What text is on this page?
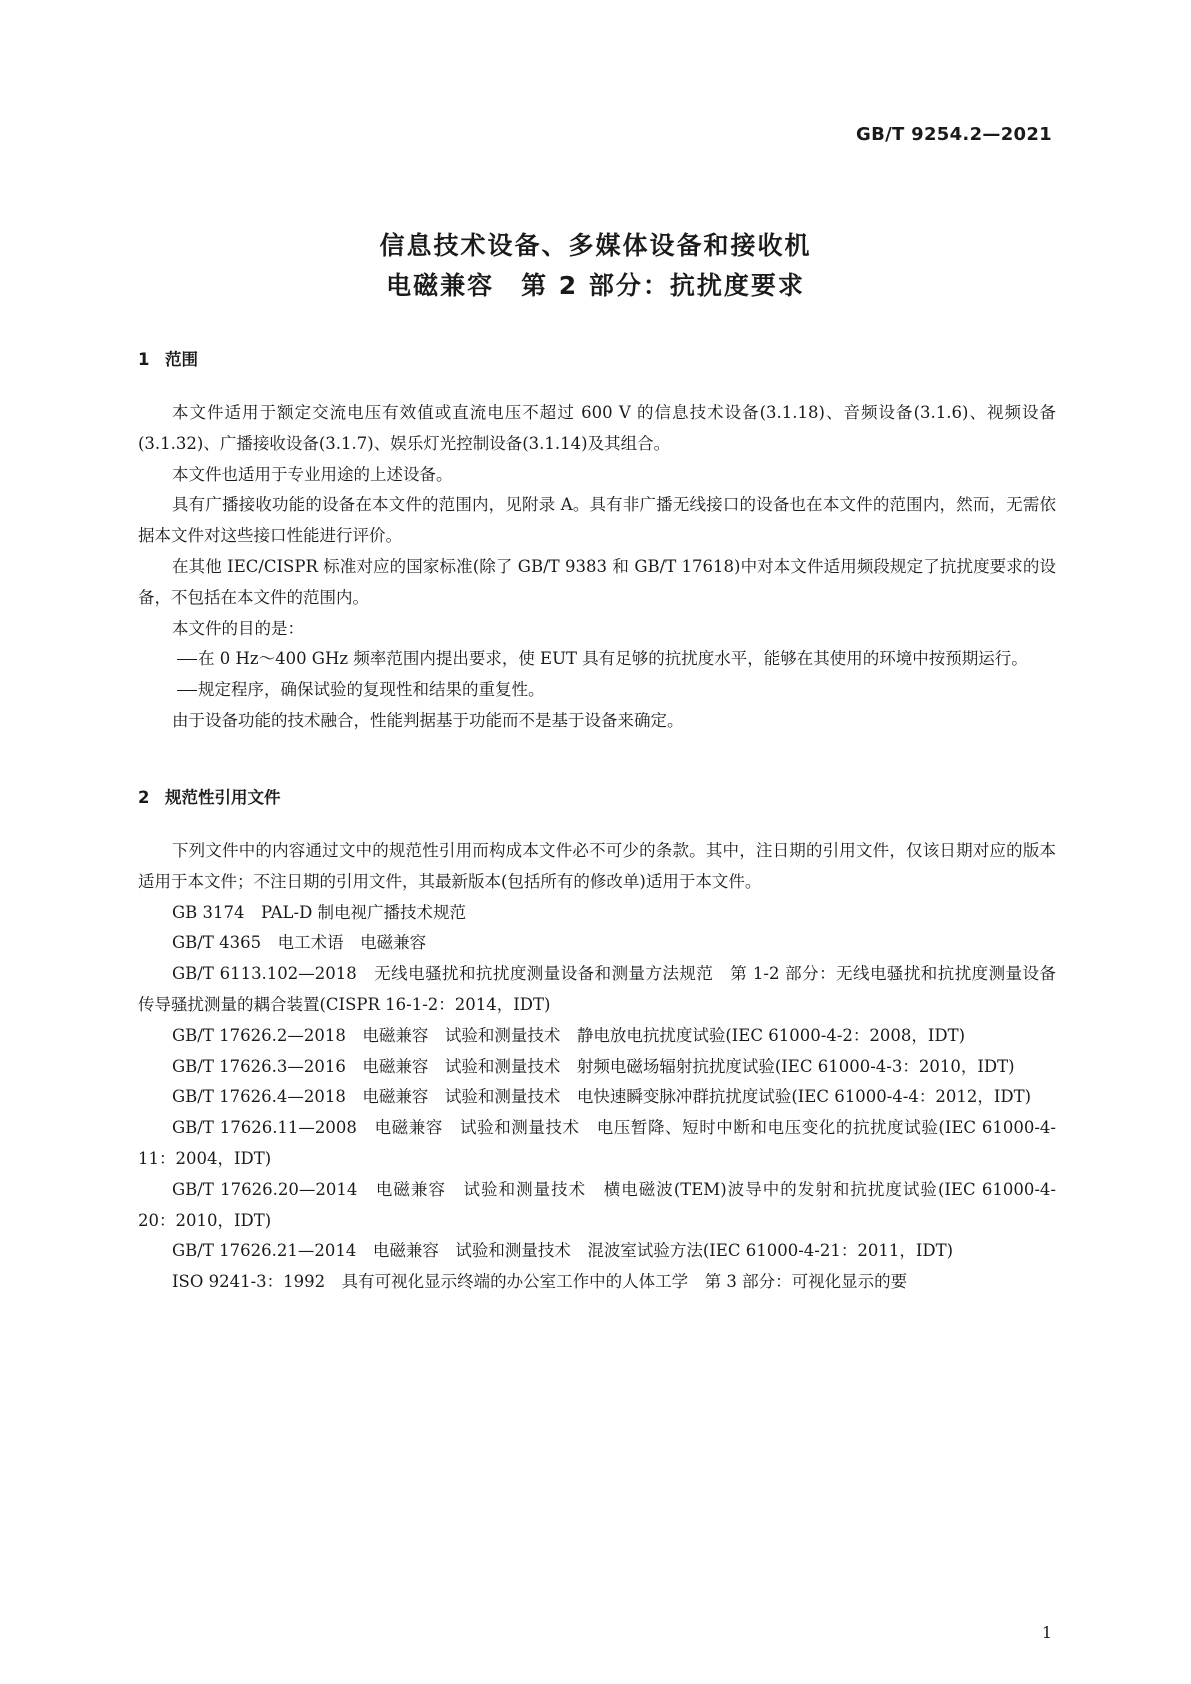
GB/T 9254.2—2021
信息技术设备、多媒体设备和接收机
电磁兼容　第 2 部分：抗扰度要求
1 范围

本文件适用于额定交流电压有效值或直流电压不超过 600 V 的信息技术设备(3.1.18)、音频设备(3.1.6)、视频设备(3.1.32)、广播接收设备(3.1.7)、娱乐灯光控制设备(3.1.14)及其组合。

本文件也适用于专业用途的上述设备。

具有广播接收功能的设备在本文件的范围内，见附录 A。具有非广播无线接口的设备也在本文件的范围内，然而，无需依据本文件对这些接口性能进行评价。

在其他 IEC/CISPR 标准对应的国家标准(除了 GB/T 9383 和 GB/T 17618)中对本文件适用频段规定了抗扰度要求的设备，不包括在本文件的范围内。

本文件的目的是：

在 0 Hz～400 GHz 频率范围内提出要求，使 EUT 具有足够的抗扰度水平，能够在其使用的环境中按预期运行。

规定程序，确保试验的复现性和结果的重复性。

由于设备功能的技术融合，性能判据基于功能而不是基于设备来确定。

2 规范性引用文件

下列文件中的内容通过文中的规范性引用而构成本文件必不可少的条款。其中，注日期的引用文件，仅该日期对应的版本适用于本文件；不注日期的引用文件，其最新版本(包括所有的修改单)适用于本文件。

GB 3174　PAL-D 制电视广播技术规范

GB/T 4365　电工术语　电磁兼容

GB/T 6113.102—2018　无线电骚扰和抗扰度测量设备和测量方法规范　第 1-2 部分：无线电骚扰和抗扰度测量设备　传导骚扰测量的耦合装置(CISPR 16-1-2：2014，IDT)

GB/T 17626.2—2018　电磁兼容　试验和测量技术　静电放电抗扰度试验(IEC 61000-4-2：2008，IDT)

GB/T 17626.3—2016　电磁兼容　试验和测量技术　射频电磁场辐射抗扰度试验(IEC 61000-4-3：2010，IDT)

GB/T 17626.4—2018　电磁兼容　试验和测量技术　电快速瞬变脉冲群抗扰度试验(IEC 61000-4-4：2012，IDT)

GB/T 17626.11—2008　电磁兼容　试验和测量技术　电压暂降、短时中断和电压变化的抗扰度试验(IEC 61000-4-11：2004，IDT)

GB/T 17626.20—2014　电磁兼容　试验和测量技术　横电磁波(TEM)波导中的发射和抗扰度试验(IEC 61000-4-20：2010，IDT)

GB/T 17626.21—2014　电磁兼容　试验和测量技术　混波室试验方法(IEC 61000-4-21：2011，IDT)

ISO 9241-3：1992　具有可视化显示终端的办公室工作中的人体工学　第 3 部分：可视化显示的要

1
